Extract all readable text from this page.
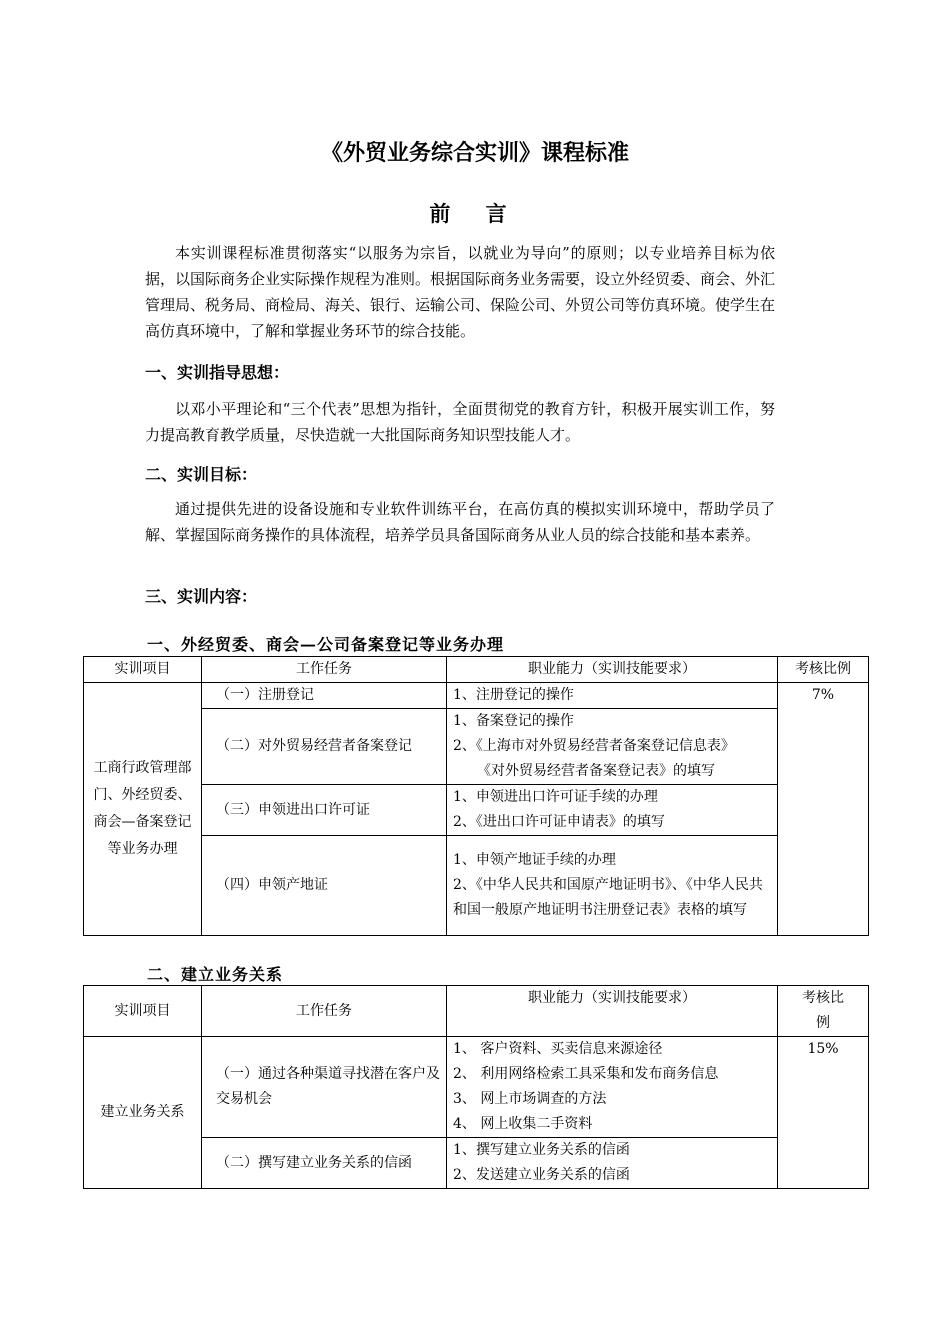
《外贸业务综合实训》课程标准
前 言
本实训课程标准贯彻落实“以服务为宗旨，以就业为导向”的原则；以专业培养目标为依据，以国际商务企业实际操作规程为准则。根据国际商务业务需要，设立外经贸委、商会、外汇管理局、税务局、商检局、海关、银行、运输公司、保险公司、外贸公司等仿真环境。使学生在高仿真环境中，了解和掌握业务环节的综合技能。
一、实训指导思想：
以邓小平理论和“三个代表”思想为指针，全面贯彻党的教育方针，积极开展实训工作，努力提高教育教学质量，尽快造就一大批国际商务知识型技能人才。
二、实训目标：
通过提供先进的设备设施和专业软件训练平台，在高仿真的模拟实训环境中，帮助学员了解、掌握国际商务操作的具体流程，培养学员具备国际商务从业人员的综合技能和基本素养。
三、实训内容：
一、外经贸委、商会—公司备案登记等业务办理
实训项目	工作任务	职业能力（实训技能要求）	考核比例
工商行政管理部门、外经贸委、商会—备案登记等业务办理	（一）注册登记	1、注册登记的操作	7%
	（二）对外贸易经营者备案登记	1、备案登记的操作
2、《上海市对外贸易经营者备案登记信息表》
《对外贸易经营者备案登记表》的填写	

	（三）申领进出口许可证	1、申领进出口许可证手续的办理
2、《进出口许可证申请表》的填写	

	（四）申领产地证	1、申领产地证手续的办理
2、《中华人民共和国原产地证明书》、《中华人民共和国一般原产地证明书注册登记表》表格的填写	
二、建立业务关系
实训项目	工作任务	职业能力（实训技能要求）	考核比例
建立业务关系	（一）通过各种渠道寻找潜在客户及交易机会	1、 客户资料、买卖信息来源途径
2、 利用网络检索工具采集和发布商务信息
3、 网上市场调查的方法
4、 网上收集二手资料	15%
	（二）撰写建立业务关系的信函	1、撰写建立业务关系的信函
2、发送建立业务关系的信函	
